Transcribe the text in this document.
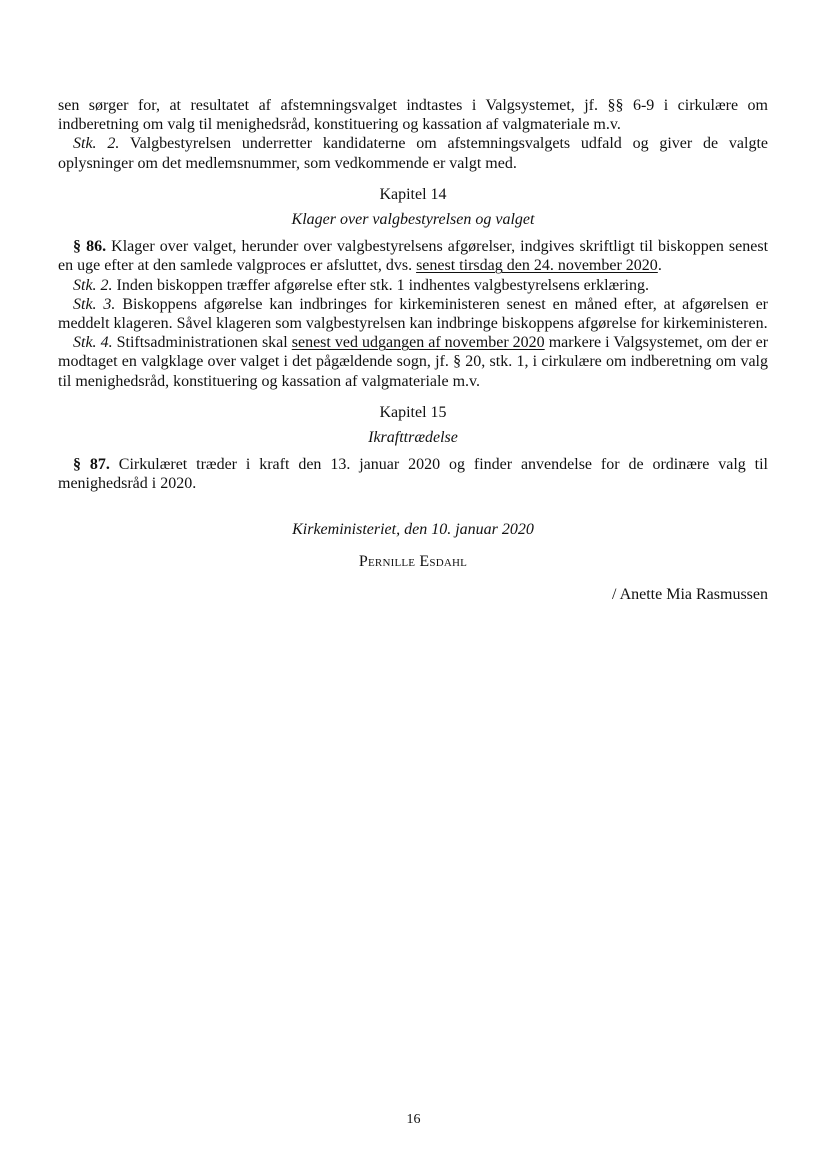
sen sørger for, at resultatet af afstemningsvalget indtastes i Valgsystemet, jf. §§ 6-9 i cirkulære om indberetning om valg til menighedsråd, konstituering og kassation af valgmateriale m.v.

Stk. 2. Valgbestyrelsen underretter kandidaterne om afstemningsvalgets udfald og giver de valgte oplysninger om det medlemsnummer, som vedkommende er valgt med.

Kapitel 14

Klager over valgbestyrelsen og valget

§ 86. Klager over valget, herunder over valgbestyrelsens afgørelser, indgives skriftligt til biskoppen senest en uge efter at den samlede valgproces er afsluttet, dvs. senest tirsdag den 24. november 2020.

Stk. 2. Inden biskoppen træffer afgørelse efter stk. 1 indhentes valgbestyrelsens erklæring.

Stk. 3. Biskoppens afgørelse kan indbringes for kirkeministeren senest en måned efter, at afgørelsen er meddelt klageren. Såvel klageren som valgbestyrelsen kan indbringe biskoppens afgørelse for kirkeministeren.

Stk. 4. Stiftsadministrationen skal senest ved udgangen af november 2020 markere i Valgsystemet, om der er modtaget en valgklage over valget i det pågældende sogn, jf. § 20, stk. 1, i cirkulære om indberetning om valg til menighedsråd, konstituering og kassation af valgmateriale m.v.

Kapitel 15

Ikrafttrædelse

§ 87. Cirkulæret træder i kraft den 13. januar 2020 og finder anvendelse for de ordinære valg til menighedsråd i 2020.

Kirkeministeriet, den 10. januar 2020

Pernille Esdahl

/ Anette Mia Rasmussen

16
